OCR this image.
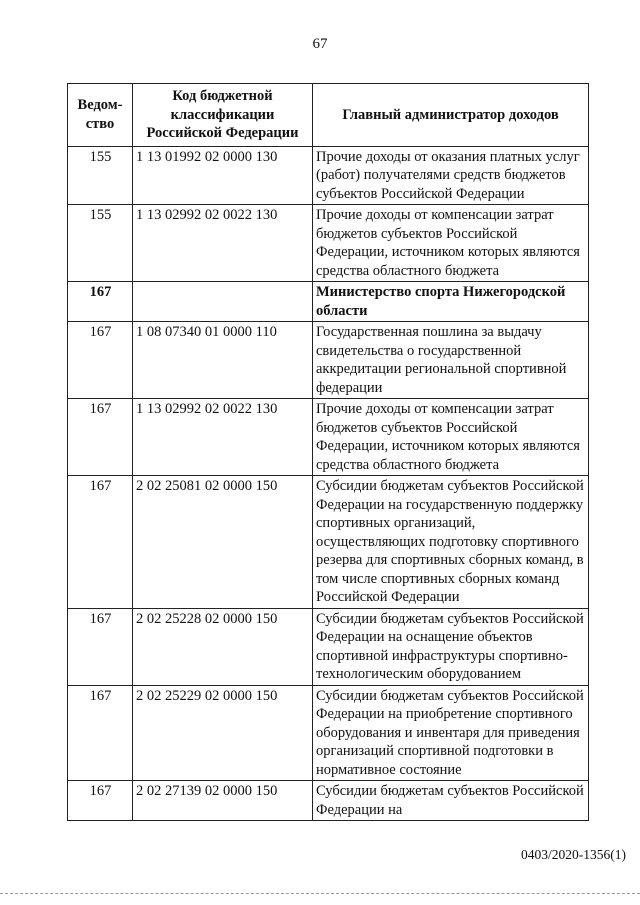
67
Ведом-ство	Код бюджетной классификации Российской Федерации	Главный администратор доходов
155	1 13 01992 02 0000 130	Прочие доходы от оказания платных услуг (работ) получателями средств бюджетов субъектов Российской Федерации
155	1 13 02992 02 0022 130	Прочие доходы от компенсации затрат бюджетов субъектов Российской Федерации, источником которых являются средства областного бюджета
167		Министерство спорта Нижегородской области
167	1 08 07340 01 0000 110	Государственная пошлина за выдачу свидетельства о государственной аккредитации региональной спортивной федерации
167	1 13 02992 02 0022 130	Прочие доходы от компенсации затрат бюджетов субъектов Российской Федерации, источником которых являются средства областного бюджета
167	2 02 25081 02 0000 150	Субсидии бюджетам субъектов Российской Федерации на государственную поддержку спортивных организаций, осуществляющих подготовку спортивного резерва для спортивных сборных команд, в том числе спортивных сборных команд Российской Федерации
167	2 02 25228 02 0000 150	Субсидии бюджетам субъектов Российской Федерации на оснащение объектов спортивной инфраструктуры спортивно-технологическим оборудованием
167	2 02 25229 02 0000 150	Субсидии бюджетам субъектов Российской Федерации на приобретение спортивного оборудования и инвентаря для приведения организаций спортивной подготовки в нормативное состояние
167	2 02 27139 02 0000 150	Субсидии бюджетам субъектов Российской Федерации на
0403/2020-1356(1)
